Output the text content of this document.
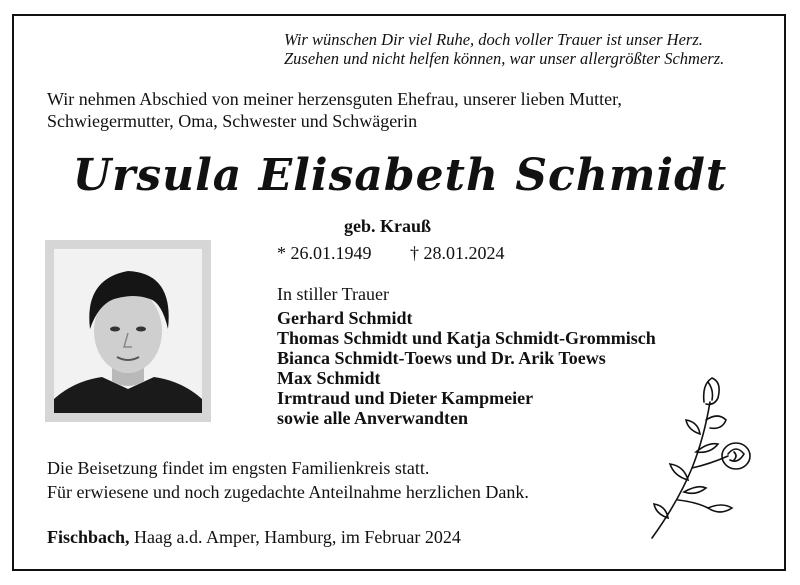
Wir wünschen Dir viel Ruhe, doch voller Trauer ist unser Herz.
Zusehen und nicht helfen können, war unser allergrößter Schmerz.
Wir nehmen Abschied von meiner herzensguten Ehefrau, unserer lieben Mutter,
Schwiegermutter, Oma, Schwester und Schwägerin
Ursula Elisabeth Schmidt
geb. Krauß
* 26.01.1949 † 28.01.2024
In stiller Trauer
Gerhard Schmidt
Thomas Schmidt und Katja Schmidt-Grommisch
Bianca Schmidt-Toews und Dr. Arik Toews
Max Schmidt
Irmtraud und Dieter Kampmeier
sowie alle Anverwandten
Die Beisetzung findet im engsten Familienkreis statt.
Für erwiesene und noch zugedachte Anteilnahme herzlichen Dank.
Fischbach, Haag a.d. Amper, Hamburg, im Februar 2024
